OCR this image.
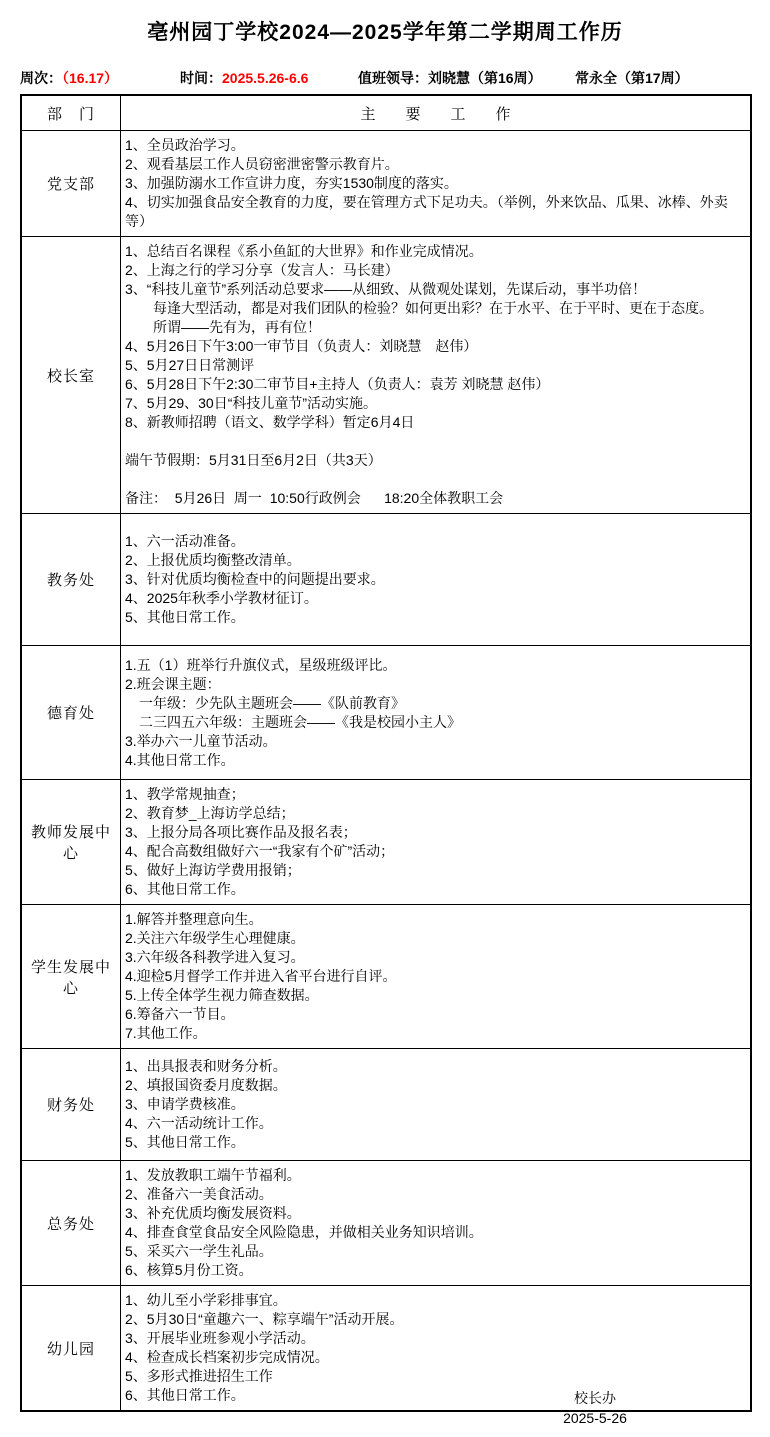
亳州园丁学校2024—2025学年第二学期周工作历
周次：（16.17）	时间：2025.5.26-6.6	值班领导：刘晓慧（第16周） 常永全（第17周）
部　门	主　　要　　工　　作
党支部
1、全员政治学习。
2、观看基层工作人员窃密泄密警示教育片。
3、加强防溺水工作宣讲力度，夯实1530制度的落实。
4、切实加强食品安全教育的力度，要在管理方式下足功夫。（举例，外来饮品、瓜果、冰棒、外卖等）
校长室
1、总结百名课程《系小鱼缸的大世界》和作业完成情况。
2、上海之行的学习分享（发言人：马长建）
3、“科技儿童节”系列活动总要求——从细致、从微观处谋划，先谋后动，事半功倍！
　　每逢大型活动，都是对我们团队的检验？如何更出彩？在于水平、在于平时、更在于态度。
　　所谓——先有为，再有位！
4、5月26日下午3:00一审节目（负责人：刘晓慧　赵伟）
5、5月27日日常测评
6、5月28日下午2:30二审节目+主持人（负责人：袁芳 刘晓慧 赵伟）
7、5月29、30日“科技儿童节”活动实施。
8、新教师招聘（语文、数学学科）暂定6月4日
端午节假期：5月31日至6月2日（共3天）
备注：  5月26日  周一  10:50行政例会      18:20全体教职工会
教务处
1、六一活动准备。
2、上报优质均衡整改清单。
3、针对优质均衡检查中的问题提出要求。
4、2025年秋季小学教材征订。
5、其他日常工作。
德育处
1.五（1）班举行升旗仪式，星级班级评比。
2.班会课主题：
　一年级：少先队主题班会——《队前教育》
　二三四五六年级：主题班会——《我是校园小主人》
3.举办六一儿童节活动。
4.其他日常工作。
教师发展中心
1、教学常规抽查；
2、教育梦_上海访学总结；
3、上报分局各项比赛作品及报名表；
4、配合高数组做好六一“我家有个矿”活动；
5、做好上海访学费用报销；
6、其他日常工作。
学生发展中心
1.解答并整理意向生。
2.关注六年级学生心理健康。
3.六年级各科教学进入复习。
4.迎检5月督学工作并进入省平台进行自评。
5.上传全体学生视力筛查数据。
6.筹备六一节目。
7.其他工作。
财务处
1、出具报表和财务分析。
2、填报国资委月度数据。
3、申请学费核准。
4、六一活动统计工作。
5、其他日常工作。
总务处
1、发放教职工端午节福利。
2、准备六一美食活动。
3、补充优质均衡发展资料。
4、排查食堂食品安全风险隐患，并做相关业务知识培训。
5、采买六一学生礼品。
6、核算5月份工资。
幼儿园
1、幼儿至小学彩排事宜。
2、5月30日“童趣六一、粽享端午”活动开展。
3、开展毕业班参观小学活动。
4、检查成长档案初步完成情况。
5、多形式推进招生工作
6、其他日常工作。	校长办
2025-5-26
